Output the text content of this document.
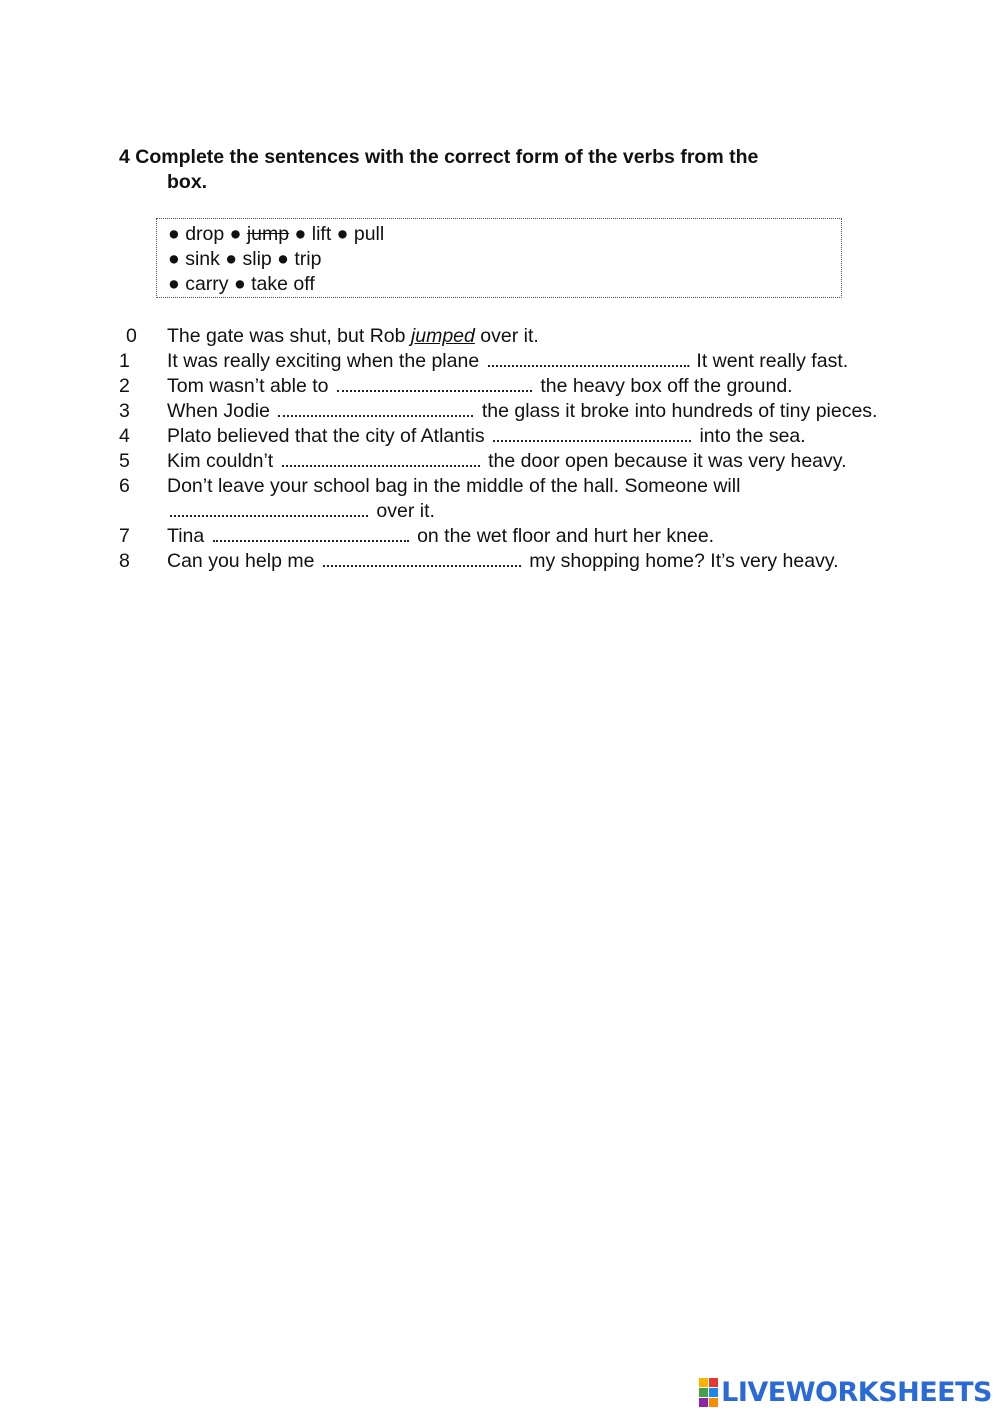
4 Complete the sentences with the correct form of the verbs from the
box.
● drop ● jump ● lift ● pull
● sink ● slip ● trip
● carry ● take off
0	The gate was shut, but Rob jumped over it.
1	It was really exciting when the plane	. It went really fast.
2	Tom wasn’t able to	the heavy box off the ground.
3	When Jodie	the glass it broke into hundreds of tiny pieces.
4	Plato believed that the city of Atlantis	into the sea.
5	Kim couldn’t	the door open because it was very heavy.
6	Don’t leave your school bag in the middle of the hall. Someone will  over it.
7	Tina	on the wet floor and hurt her knee.
8	Can you help me	my shopping home? It’s very heavy.
LIVEWORKSHEETS
